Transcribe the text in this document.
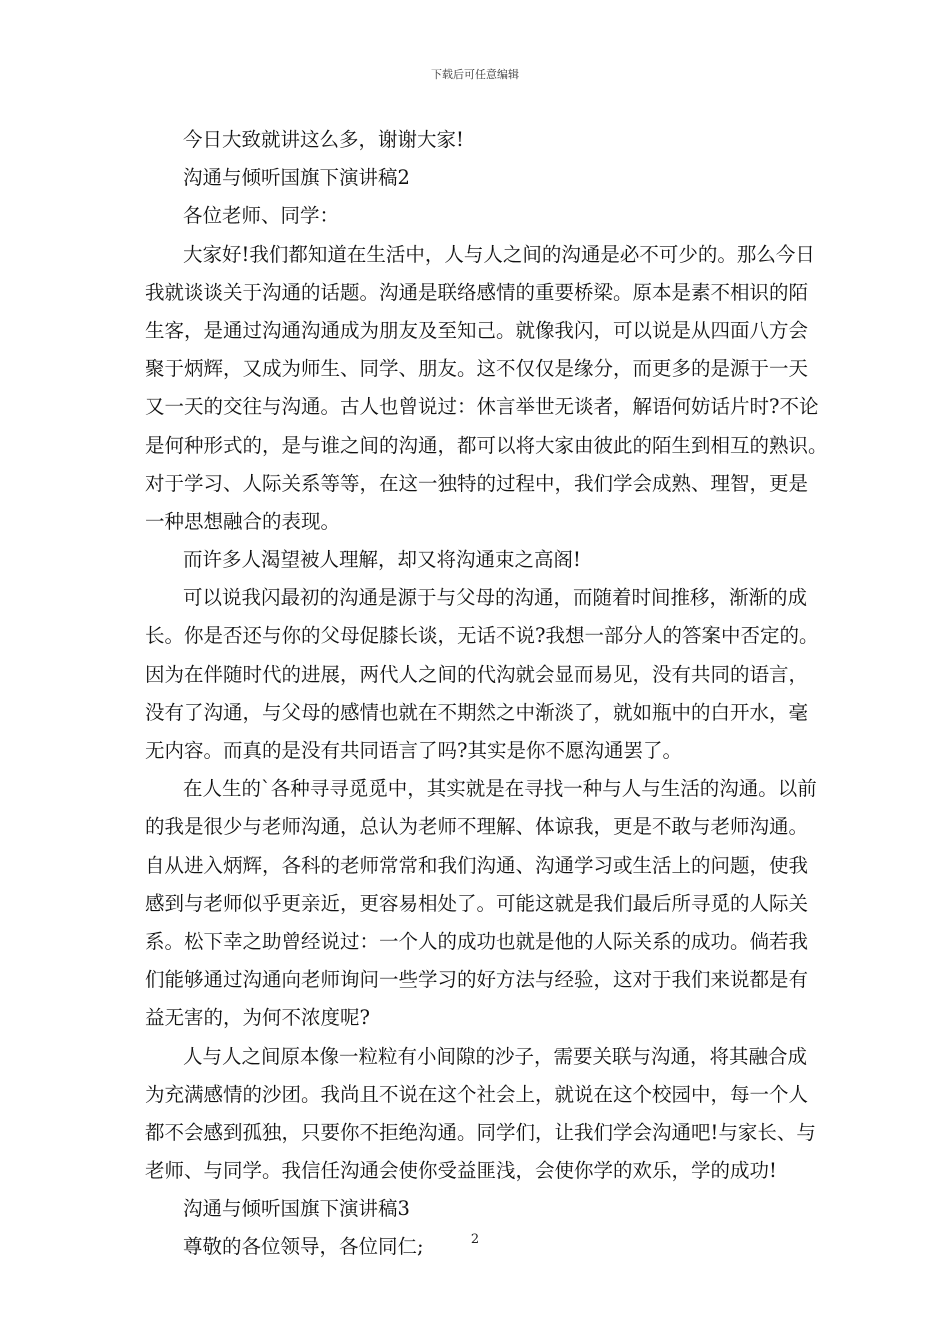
下载后可任意编辑
今日大致就讲这么多，谢谢大家!
沟通与倾听国旗下演讲稿2
各位老师、同学：
大家好!我们都知道在生活中，人与人之间的沟通是必不可少的。那么今日
我就谈谈关于沟通的话题。沟通是联络感情的重要桥梁。原本是素不相识的陌
生客，是通过沟通沟通成为朋友及至知己。就像我闪，可以说是从四面八方会
聚于炳辉，又成为师生、同学、朋友。这不仅仅是缘分，而更多的是源于一天
又一天的交往与沟通。古人也曾说过：休言举世无谈者，解语何妨话片时?不论
是何种形式的，是与谁之间的沟通，都可以将大家由彼此的陌生到相互的熟识。
对于学习、人际关系等等，在这一独特的过程中，我们学会成熟、理智，更是
一种思想融合的表现。
而许多人渴望被人理解，却又将沟通束之高阁!
可以说我闪最初的沟通是源于与父母的沟通，而随着时间推移，渐渐的成
长。你是否还与你的父母促膝长谈，无话不说?我想一部分人的答案中否定的。
因为在伴随时代的进展，两代人之间的代沟就会显而易见，没有共同的语言，
没有了沟通，与父母的感情也就在不期然之中渐淡了，就如瓶中的白开水，毫
无内容。而真的是没有共同语言了吗?其实是你不愿沟通罢了。
在人生的`各种寻寻觅觅中，其实就是在寻找一种与人与生活的沟通。以前
的我是很少与老师沟通，总认为老师不理解、体谅我，更是不敢与老师沟通。
自从进入炳辉，各科的老师常常和我们沟通、沟通学习或生活上的问题，使我
感到与老师似乎更亲近，更容易相处了。可能这就是我们最后所寻觅的人际关
系。松下幸之助曾经说过：一个人的成功也就是他的人际关系的成功。倘若我
们能够通过沟通向老师询问一些学习的好方法与经验，这对于我们来说都是有
益无害的，为何不浓度呢?
人与人之间原本像一粒粒有小间隙的沙子，需要关联与沟通，将其融合成
为充满感情的沙团。我尚且不说在这个社会上，就说在这个校园中，每一个人
都不会感到孤独，只要你不拒绝沟通。同学们，让我们学会沟通吧!与家长、与
老师、与同学。我信任沟通会使你受益匪浅，会使你学的欢乐，学的成功!
沟通与倾听国旗下演讲稿3
尊敬的各位领导，各位同仁;	2
